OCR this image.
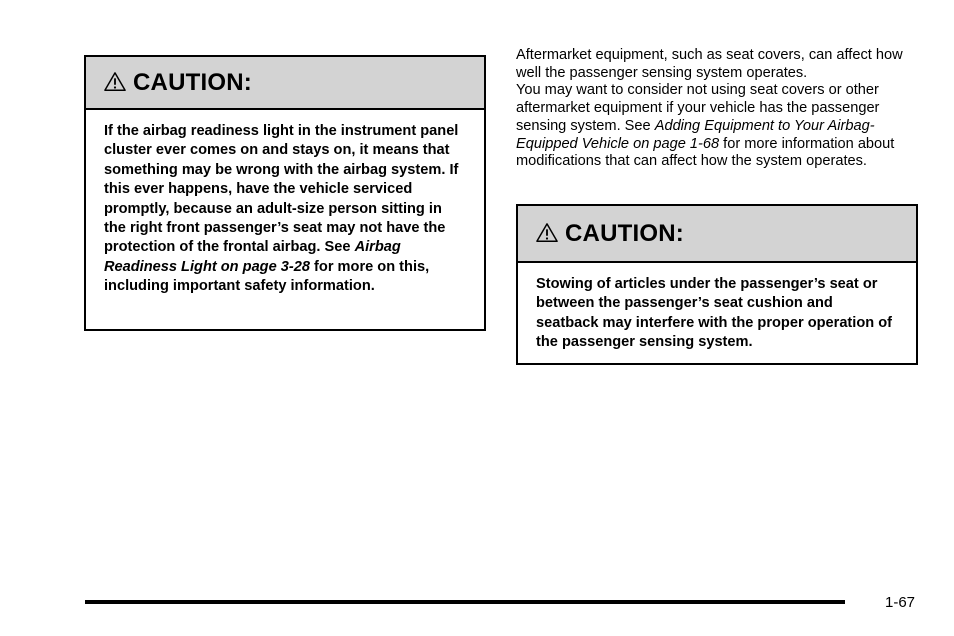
CAUTION:

If the airbag readiness light in the instrument panel cluster ever comes on and stays on, it means that something may be wrong with the airbag system. If this ever happens, have the vehicle serviced promptly, because an adult-size person sitting in the right front passenger’s seat may not have the protection of the frontal airbag. See Airbag Readiness Light on page 3-28 for more on this, including important safety information.

Aftermarket equipment, such as seat covers, can affect how well the passenger sensing system operates.

You may want to consider not using seat covers or other aftermarket equipment if your vehicle has the passenger sensing system. See Adding Equipment to Your Airbag-Equipped Vehicle on page 1-68 for more information about modifications that can affect how the system operates.

CAUTION:

Stowing of articles under the passenger’s seat or between the passenger’s seat cushion and seatback may interfere with the proper operation of the passenger sensing system.

1-67
